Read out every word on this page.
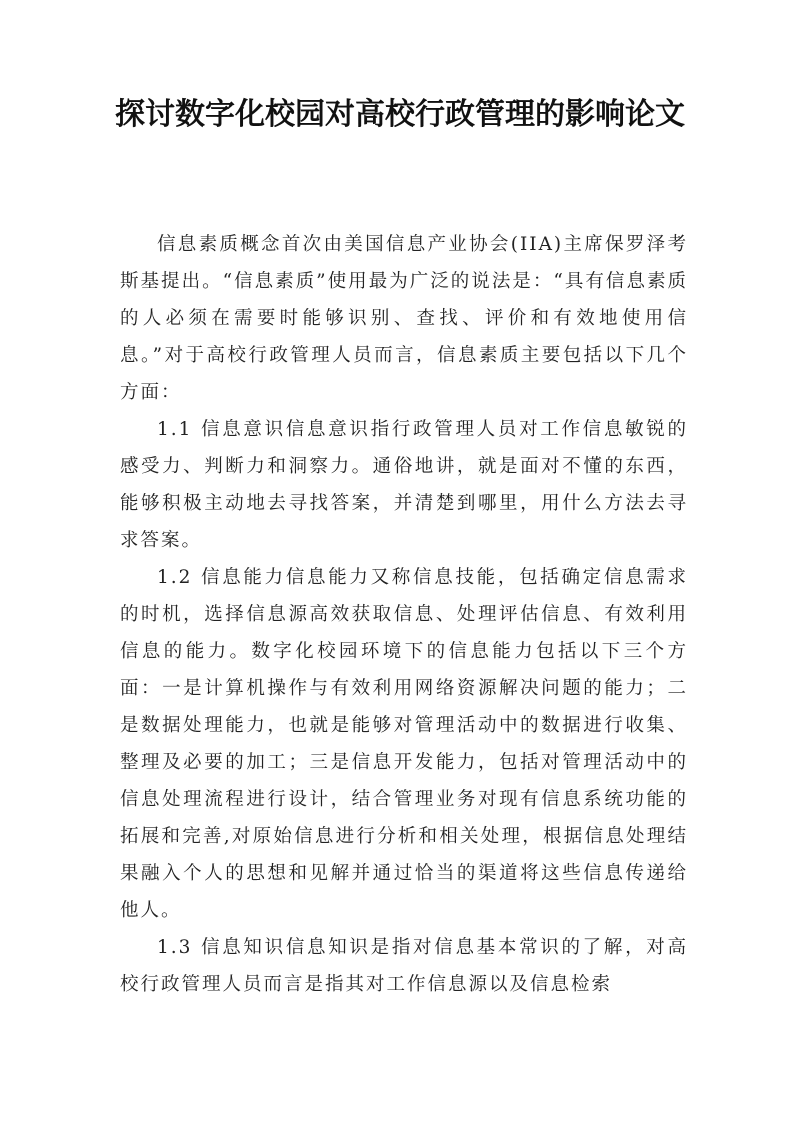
探讨数字化校园对高校行政管理的影响论文

信息素质概念首次由美国信息产业协会(IIA)主席保罗泽考斯基提出。“信息素质”使用最为广泛的说法是：“具有信息素质的人必须在需要时能够识别、查找、评价和有效地使用信息。”对于高校行政管理人员而言，信息素质主要包括以下几个方面：

1.1 信息意识信息意识指行政管理人员对工作信息敏锐的感受力、判断力和洞察力。通俗地讲，就是面对不懂的东西，能够积极主动地去寻找答案，并清楚到哪里，用什么方法去寻求答案。

1.2 信息能力信息能力又称信息技能，包括确定信息需求的时机，选择信息源高效获取信息、处理评估信息、有效利用信息的能力。数字化校园环境下的信息能力包括以下三个方面：一是计算机操作与有效利用网络资源解决问题的能力；二是数据处理能力，也就是能够对管理活动中的数据进行收集、整理及必要的加工；三是信息开发能力，包括对管理活动中的信息处理流程进行设计，结合管理业务对现有信息系统功能的拓展和完善,对原始信息进行分析和相关处理，根据信息处理结果融入个人的思想和见解并通过恰当的渠道将这些信息传递给他人。

1.3 信息知识信息知识是指对信息基本常识的了解，对高校行政管理人员而言是指其对工作信息源以及信息检索
